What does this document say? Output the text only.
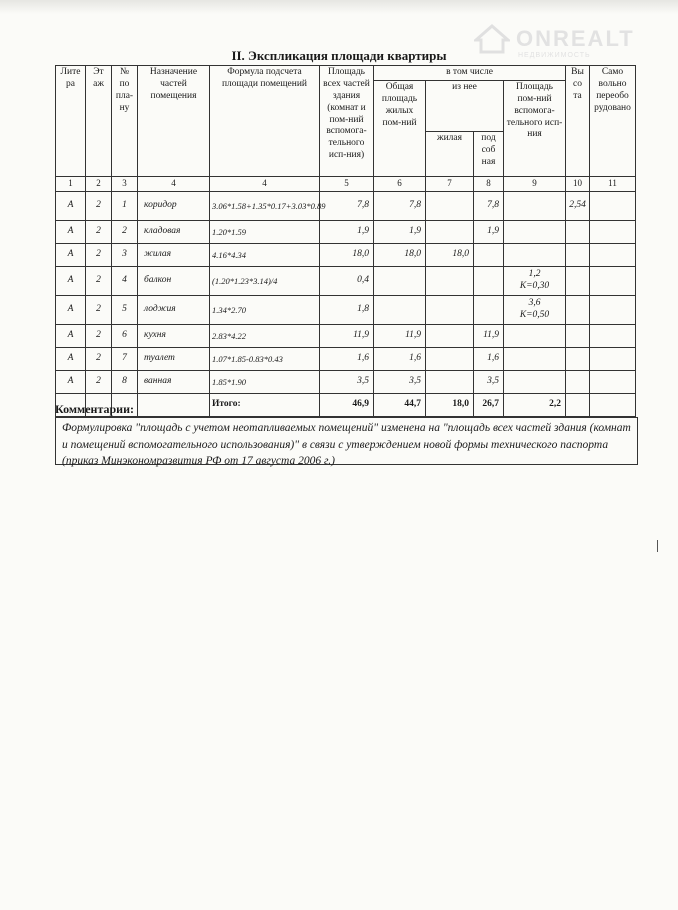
ONREALT
НЕДВИЖИМОСТЬ
II. Экспликация площади квартиры
Лите ра	Эт аж	№ по пла- ну	Назначение частей помещения	Формула подсчета площади помещений	Площадь всех частей здания (комнат и пом-ний вспомога- тельного исп-ния)	в том числе				Вы со та	Само вольно переобо рудовано
						Общая площадь жилых пом-ний	из нее		Площадь пом-ний вспомога- тельного исп-ния		
							жилая	под соб ная			
1	2	3	4	4	5	6	7	8	9	10	11
А	2	1	коридор	3.06*1.58+1.35*0.17+3.03*0.89	7,8	7,8		7,8		2,54	
А	2	2	кладовая	1.20*1.59	1,9	1,9		1,9	

А	2	3	жилая	4.16*4.34	18,0	18,0	18,0		

А	2	4	балкон	(1.20*1.23*3.14)/4	0,4				1,2
К=0,30		

А	2	5	лоджия	1.34*2.70	1,8				3,6
К=0,50		

А	2	6	кухня	2.83*4.22	11,9	11,9		11,9	

А	2	7	туалет	1.07*1.85-0.83*0.43	1,6	1,6		1,6	

А	2	8	ванная	1.85*1.90	3,5	3,5		3,5	

				Итого:	46,9	44,7	18,0	26,7	2,2		
Комментарии:
Формулировка "площадь с учетом неотапливаемых помещений" изменена на "площадь всех частей здания (комнат и помещений вспомогательного использования)" в связи с утверждением новой формы технического паспорта (приказ Минэкономразвития РФ от 17 августа 2006 г.)
